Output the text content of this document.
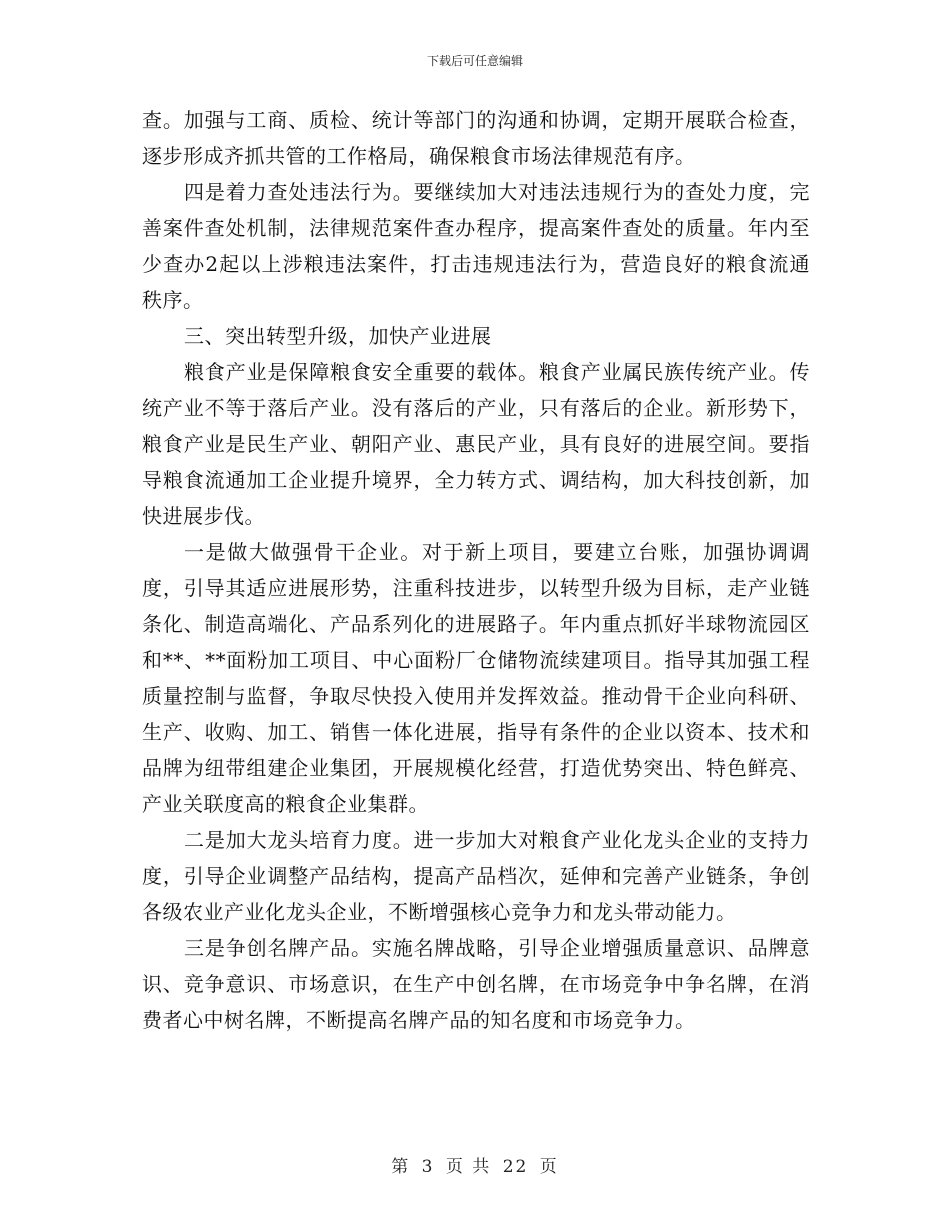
下载后可任意编辑

查。加强与工商、质检、统计等部门的沟通和协调，定期开展联合检查，逐步形成齐抓共管的工作格局，确保粮食市场法律规范有序。

四是着力查处违法行为。要继续加大对违法违规行为的查处力度，完善案件查处机制，法律规范案件查办程序，提高案件查处的质量。年内至少查办2起以上涉粮违法案件，打击违规违法行为，营造良好的粮食流通秩序。

三、突出转型升级，加快产业进展

粮食产业是保障粮食安全重要的载体。粮食产业属民族传统产业。传统产业不等于落后产业。没有落后的产业，只有落后的企业。新形势下，粮食产业是民生产业、朝阳产业、惠民产业，具有良好的进展空间。要指导粮食流通加工企业提升境界，全力转方式、调结构，加大科技创新，加快进展步伐。

一是做大做强骨干企业。对于新上项目，要建立台账，加强协调调度，引导其适应进展形势，注重科技进步，以转型升级为目标，走产业链条化、制造高端化、产品系列化的进展路子。年内重点抓好半球物流园区和**、**面粉加工项目、中心面粉厂仓储物流续建项目。指导其加强工程质量控制与监督，争取尽快投入使用并发挥效益。推动骨干企业向科研、生产、收购、加工、销售一体化进展，指导有条件的企业以资本、技术和品牌为纽带组建企业集团，开展规模化经营，打造优势突出、特色鲜亮、产业关联度高的粮食企业集群。

二是加大龙头培育力度。进一步加大对粮食产业化龙头企业的支持力度，引导企业调整产品结构，提高产品档次，延伸和完善产业链条，争创各级农业产业化龙头企业，不断增强核心竞争力和龙头带动能力。

三是争创名牌产品。实施名牌战略，引导企业增强质量意识、品牌意识、竞争意识、市场意识，在生产中创名牌，在市场竞争中争名牌，在消费者心中树名牌，不断提高名牌产品的知名度和市场竞争力。

第 3 页 共 22 页
